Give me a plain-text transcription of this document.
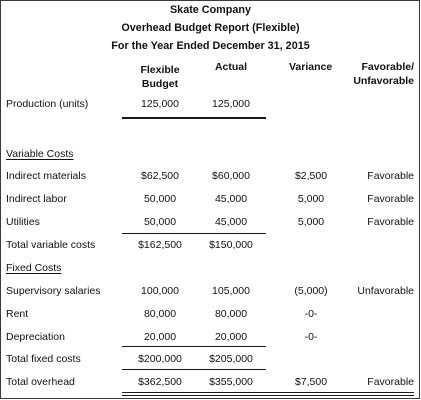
Skate Company
Overhead Budget Report (Flexible)
For the Year Ended December 31, 2015
Flexible
Budget
Actual	Variance	Favorable/
Unfavorable
Production (units)	125,000	125,000
Variable Costs
Indirect materials	$62,500	$60,000	$2,500	Favorable
Indirect labor	50,000	45,000	5,000	Favorable
Utilities	50,000	45,000	5,000	Favorable
Total variable costs	$162,500	$150,000
Fixed Costs
Supervisory salaries	100,000	105,000	(5,000)	Unfavorable
Rent	80,000	80,000	-0-
Depreciation	20,000	20,000	-0-
Total fixed costs	$200,000	$205,000
Total overhead	$362,500	$355,000	$7,500	Favorable
